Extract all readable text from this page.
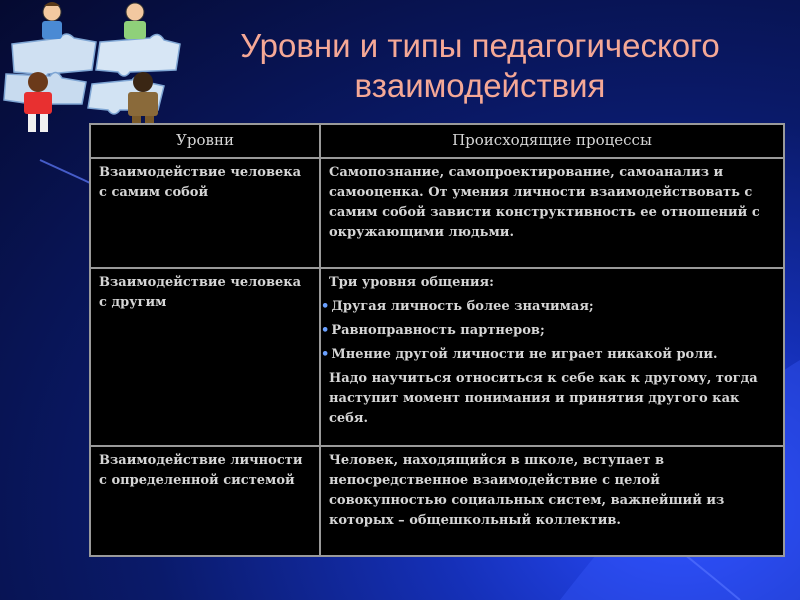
Уровни и типы педагогического
взаимодействия
Уровни	Происходящие процессы
Взаимодействие человека с самим собой	Самопознание, самопроектирование, самоанализ и самооценка. От умения личности взаимодействовать с самим собой зависти конструктивность ее отношений с окружающими людьми.

Взаимодействие человека с другим	Три уровня общения:
• Другая личность более значимая;
• Равноправность партнеров;
• Мнение другой личности не играет никакой роли.
Надо научиться относиться к себе как к другому, тогда наступит момент понимания и принятия другого как себя.

Взаимодействие личности с определенной системой	Человек, находящийся в школе, вступает в непосредственное взаимодействие с целой совокупностью социальных систем, важнейший из которых – общешкольный коллектив.
